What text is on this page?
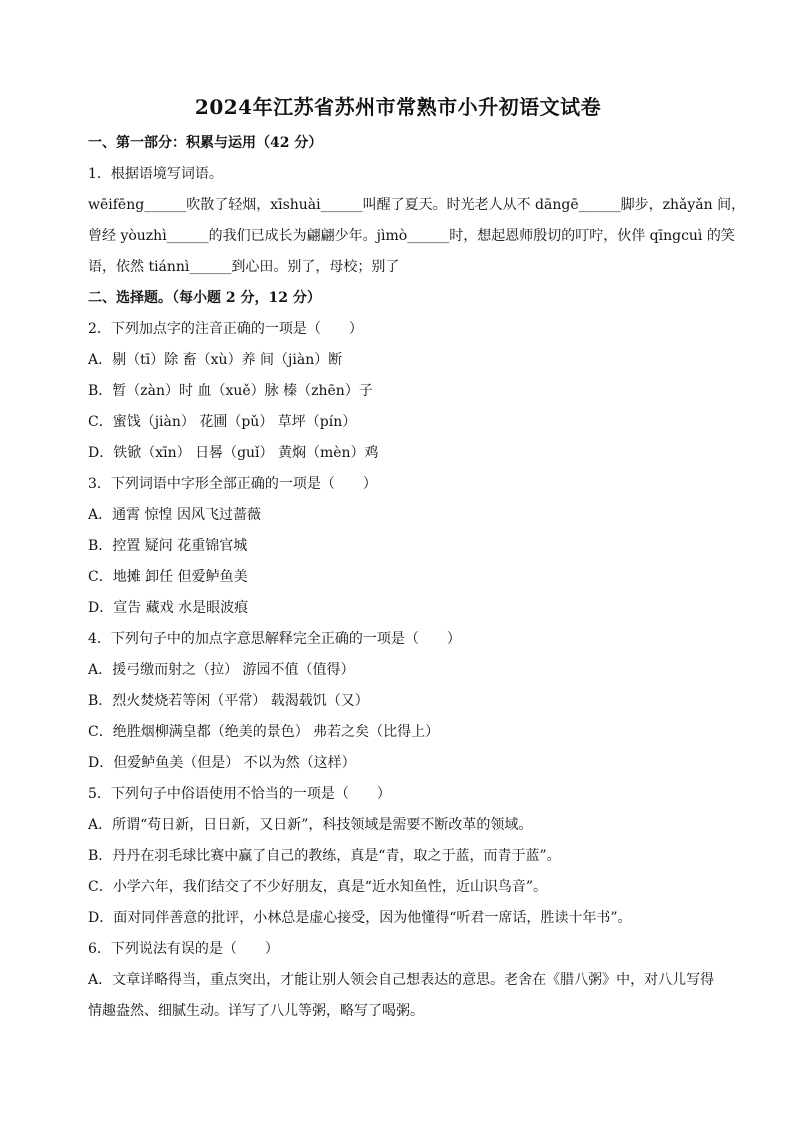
2024年江苏省苏州市常熟市小升初语文试卷

一、第一部分：积累与运用（42 分）

1．根据语境写词语。

wēifēng______吹散了轻烟，xīshuài______叫醒了夏天。时光老人从不 dāngē______脚步，zhǎyǎn 间，

曾经 yòuzhì______的我们已成长为翩翩少年。jìmò______时，想起恩师殷切的叮咛，伙伴 qīngcuì 的笑

语，依然 tiánnì______到心田。别了，母校；别了

二、选择题。（每小题 2 分，12 分）

2．下列加点字的注音正确的一项是（　　）

A．剔（tī）除 畜（xù）养 间（jiàn）断

B．暂（zàn）时 血（xuě）脉 榛（zhēn）子

C．蜜饯（jiàn） 花圃（pǔ） 草坪（pín）

D．铁锨（xīn） 日晷（guǐ） 黄焖（mèn）鸡

3．下列词语中字形全部正确的一项是（　　）

A．通霄 惊惶 因风飞过蔷薇

B．控置 疑问 花重锦官城

C．地摊 卸任 但爱鲈鱼美

D．宣告 藏戏 水是眼波痕

4．下列句子中的加点字意思解释完全正确的一项是（　　）

A．援弓缴而射之（拉） 游园不值（值得）

B．烈火焚烧若等闲（平常） 载渴载饥（又）

C．绝胜烟柳满皇都（绝美的景色） 弗若之矣（比得上）

D．但爱鲈鱼美（但是） 不以为然（这样）

5．下列句子中俗语使用不恰当的一项是（　　）

A．所谓“苟日新，日日新，又日新”，科技领域是需要不断改革的领域。

B．丹丹在羽毛球比赛中赢了自己的教练，真是“青，取之于蓝，而青于蓝”。

C．小学六年，我们结交了不少好朋友，真是“近水知鱼性，近山识鸟音”。

D．面对同伴善意的批评，小林总是虚心接受，因为他懂得“听君一席话，胜读十年书”。

6．下列说法有误的是（　　）

A．文章详略得当，重点突出，才能让别人领会自己想表达的意思。老舍在《腊八粥》中，对八儿写得

情趣盎然、细腻生动。详写了八儿等粥，略写了喝粥。
